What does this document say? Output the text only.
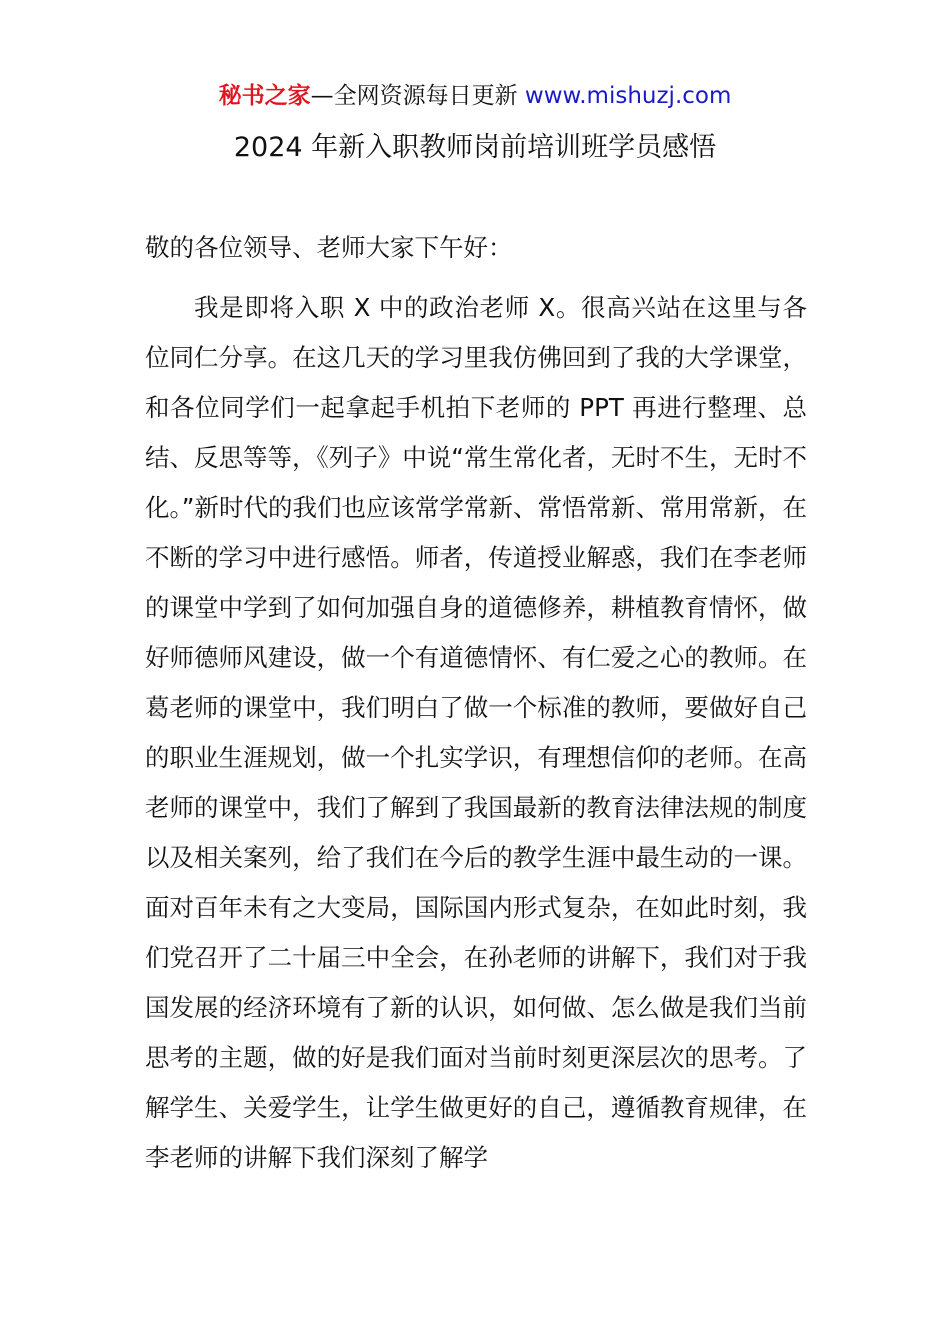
秘书之家—全网资源每日更新 www.mishuzj.com
2024 年新入职教师岗前培训班学员感悟
敬的各位领导、老师大家下午好：

我是即将入职 X 中的政治老师 X。很高兴站在这里与各位同仁分享。在这几天的学习里我仿佛回到了我的大学课堂，和各位同学们一起拿起手机拍下老师的 PPT 再进行整理、总结、反思等等，《列子》中说“常生常化者，无时不生，无时不化。”新时代的我们也应该常学常新、常悟常新、常用常新，在不断的学习中进行感悟。师者，传道授业解惑，我们在李老师的课堂中学到了如何加强自身的道德修养，耕植教育情怀，做好师德师风建设，做一个有道德情怀、有仁爱之心的教师。在葛老师的课堂中，我们明白了做一个标准的教师，要做好自己的职业生涯规划，做一个扎实学识，有理想信仰的老师。在高老师的课堂中，我们了解到了我国最新的教育法律法规的制度以及相关案列，给了我们在今后的教学生涯中最生动的一课。面对百年未有之大变局，国际国内形式复杂，在如此时刻，我们党召开了二十届三中全会，在孙老师的讲解下，我们对于我国发展的经济环境有了新的认识，如何做、怎么做是我们当前思考的主题，做的好是我们面对当前时刻更深层次的思考。了解学生、关爱学生，让学生做更好的自己，遵循教育规律，在李老师的讲解下我们深刻了解学
